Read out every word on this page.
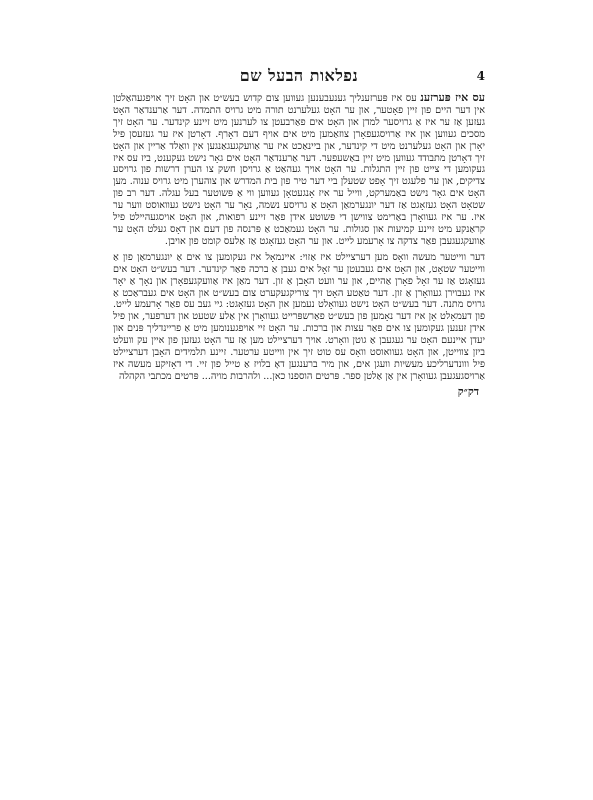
נפלאות הבעל שם	4

עס איז פּערזענ עס איז פּערזענליך גענעבענען געווען צום קדוש בעש״ט און האָט זיך אויפגעהאַלטן אין דער היים פון זיין פאָטער, און ער האָט געלערנט תורה מיט גרויס התמדה. דער אַרענדאַר האָט געזען אַז ער איז אַ גרויסער למדן און האָט אים פאַרבעטן צו לערנען מיט זיינע קינדער. ער האָט זיך מסכים געווען און איז אַרויסגעפאָרן צוזאַמען מיט אים אויף דעם דאָרף. דאָרטן איז ער געזעסן פיל יאָרן און האָט געלערנט מיט די קינדער, און ביינאַכט איז ער אַוועקגעגאַנגען אין וואַלד אַריין און האָט זיך דאָרטן מתבודד געווען מיט זיין באַשעפער. דער אַרענדאַר האָט אים גאָר נישט געקענט, ביז עס איז געקומען די צייט פון זיין התגלות. ער האָט אויך געהאַט אַ גרויסן חשק צו הערן דרשות פון גרויסע צדיקים, און ער פלעגט זיך אָפט שטעלן ביי דער טיר פון בית המדרש און צוהערן מיט גרויס ענוה. מען האָט אים גאָר נישט באַמערקט, ווייל ער איז אָנגעטאָן געווען ווי אַ פּשוטער בעל עגלה. דער רב פון שטאָט האָט געזאָגט אַז דער יונגערמאַן האָט אַ גרויסע נשמה, נאָר ער האָט נישט געוואוסט ווער ער איז. ער איז געוואָרן באַרימט צווישן די פּשוטע אידן פאַר זיינע רפואות, און האָט אויסגעהיילט פיל קראַנקע מיט זיינע קמיעות און סגולות. ער האָט געמאַכט אַ פּרנסה פון דעם און דאָס געלט האָט ער אַוועקגעגעבן פאַר צדקה צו אָרעמע לייט. און ער האָט געזאָגט אַז אַלעס קומט פון אויבן.

דער ווייטער מעשה וואָס מען דערציילט איז אַזוי: איינמאָל איז געקומען צו אים אַ יונגערמאַן פון אַ ווייטער שטאָט, און האָט אים געבעטן ער זאָל אים געבן אַ ברכה פאַר קינדער. דער בעש״ט האָט אים געזאָגט אַז ער זאָל פאָרן אַהיים, און ער וועט האָבן אַ זון. דער מאַן איז אַוועקגעפאָרן און נאָך אַ יאָר איז געבוירן געוואָרן אַ זון. דער טאַטע האָט זיך צוריקגעקערט צום בעש״ט און האָט אים געבראַכט אַ גרויס מתנה. דער בעש״ט האָט נישט געוואָלט נעמען און האָט געזאָגט: גיי געב עס פאַר אָרעמע לייט. פון דעמאָלט אָן איז דער נאָמען פון בעש״ט פאַרשפּרייט געוואָרן אין אַלע שטעט און דערפער, און פיל אידן זענען געקומען צו אים פאַר עצות און ברכות. ער האָט זיי אויפגענומען מיט אַ פריינדליך פּנים און יעדן איינעם האָט ער געגעבן אַ גוטן וואָרט. אויך דערציילט מען אַז ער האָט געזען פון איין עק וועלט ביזן צווייטן, און האָט געוואוסט וואָס עס טוט זיך אין ווייטע ערטער. זיינע תלמידים האָבן דערציילט פיל ווונדערליכע מעשיות וועגן אים, און מיר ברענגען דאָ בלויז אַ טייל פון זיי. די דאָזיקע מעשה איז אַרויסגעגעבן געוואָרן אין אַן אַלטן ספר. פּרטים הוספנו כאן... ולהרבות מויה... פּרטים מכתבי הקהלה

דק״ק
